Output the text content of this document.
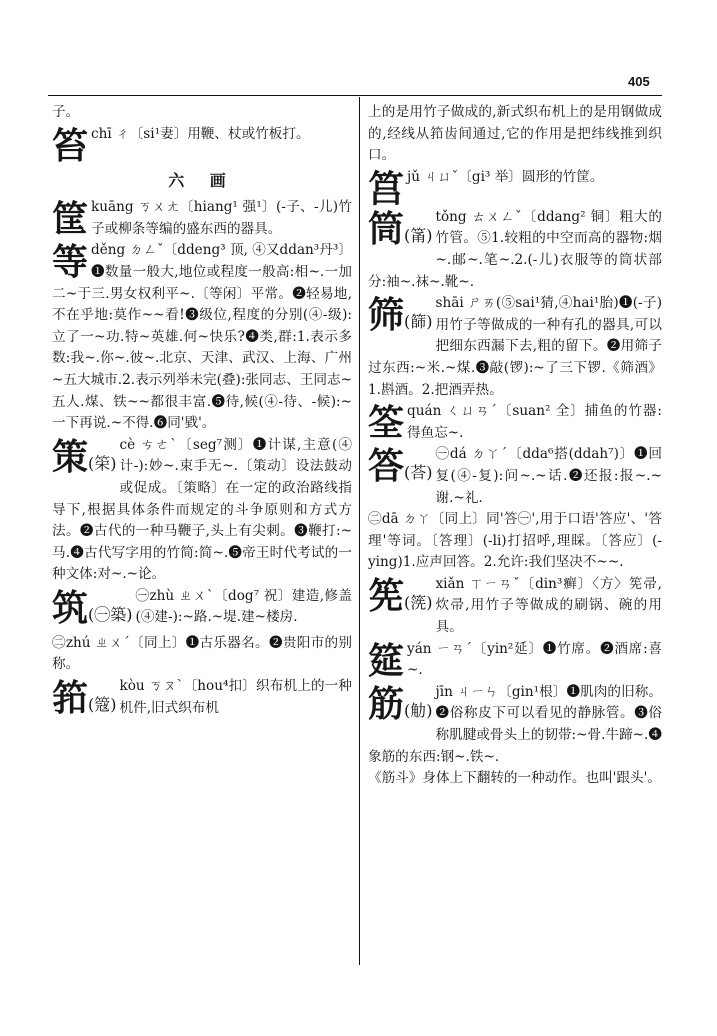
405

子。

笞chī ㄔ〔si¹妻〕用鞭、杖或竹板打。

六 画

筐kuāng ㄎㄨㄤ〔hiang¹ 强¹〕(-子、-儿)竹子或柳条等编的盛东西的器具。

等děng ㄉㄥˇ〔ddeng³ 顶, ④又ddan³丹³〕❶数量一般大,地位或程度一般高:相~.一加二~于三.男女权利平~.〔等闲〕平常。❷轻易地,不在乎地:莫作~~看!❸级位,程度的分别(④-级):立了一~功.特~英雄.何~快乐?❹类,群:1.表示多数:我~.你~.彼~.北京、天津、武汉、上海、广州~五大城市.2.表示列举未完(叠):张同志、王同志~五人.煤、铁~~都很丰富.❺待,候(④-待、-候):~一下再说.~不得.❻同'戥'。

策(筞)
cè ㄘㄜˋ〔seg⁷测〕❶计谋,主意(④计-):妙~.束手无~.〔策动〕设法鼓动或促成。〔策略〕在一定的政治路线指导下,根据具体条件而规定的斗争原则和方式方法。❷古代的一种马鞭子,头上有尖刺。❸鞭打:~马.❹古代写字用的竹简:简~.❺帝王时代考试的一种文体:对~.~论。

筑(㊀築)
㊀zhù ㄓㄨˋ〔dog⁷ 祝〕建造,修盖(④建-):~路.~堤.建~楼房.

㊁zhú ㄓㄨˊ〔同上〕❶古乐器名。❷贵阳市的别称。

筘(簆)
kòu ㄎㄡˋ〔hou⁴扣〕织布机上的一种机件,旧式织布机

上的是用竹子做成的,新式织布机上的是用钢做成的,经线从筘齿间通过,它的作用是把纬线推到织口。

筥jǔ ㄐㄩˇ〔gi³ 举〕圆形的竹筐。

筒(筩)
tǒng ㄊㄨㄥˇ〔ddang² 铜〕粗大的竹管。⑤1.较粗的中空而高的器物:烟~.邮~.笔~.2.(-儿)衣服等的筒状部分:袖~.袜~.靴~.

筛(篩)
shāi ㄕㄞ(⑤sai¹猜,④hai¹胎)❶(-子)用竹子等做成的一种有孔的器具,可以把细东西漏下去,粗的留下。❷用筛子过东西:~米.~煤.❸敲(锣):~了三下锣.《筛酒》1.斟酒。2.把酒弄热。

筌quán ㄑㄩㄢˊ〔suan² 全〕捕鱼的竹器:得鱼忘~.

答(荅)
㊀dá ㄉㄚˊ〔dda⁶搭(ddah⁷)〕❶回复(④-复):问~.~话.❷还报:报~.~谢.~礼.

㊁dā ㄉㄚ〔同上〕同'答㊀',用于口语'答应'、'答理'等词。〔答理〕(-li)打招呼,理睬。〔答应〕(-ying)1.应声回答。2.允许:我们坚决不~~.

筅(箲)
xiǎn ㄒㄧㄢˇ〔din³癣〕〈方〉筅帚,炊帚,用竹子等做成的刷锅、碗的用具。

筵yán ㄧㄢˊ〔yin²延〕❶竹席。❷酒席:喜~.

筋(觔)
jīn ㄐㄧㄣ〔gin¹根〕❶肌肉的旧称。❷俗称皮下可以看见的静脉管。❸俗称肌腱或骨头上的韧带:~骨.牛蹄~.❹象筋的东西:钢~.铁~.

《筋斗》身体上下翻转的一种动作。也叫'跟头'。
